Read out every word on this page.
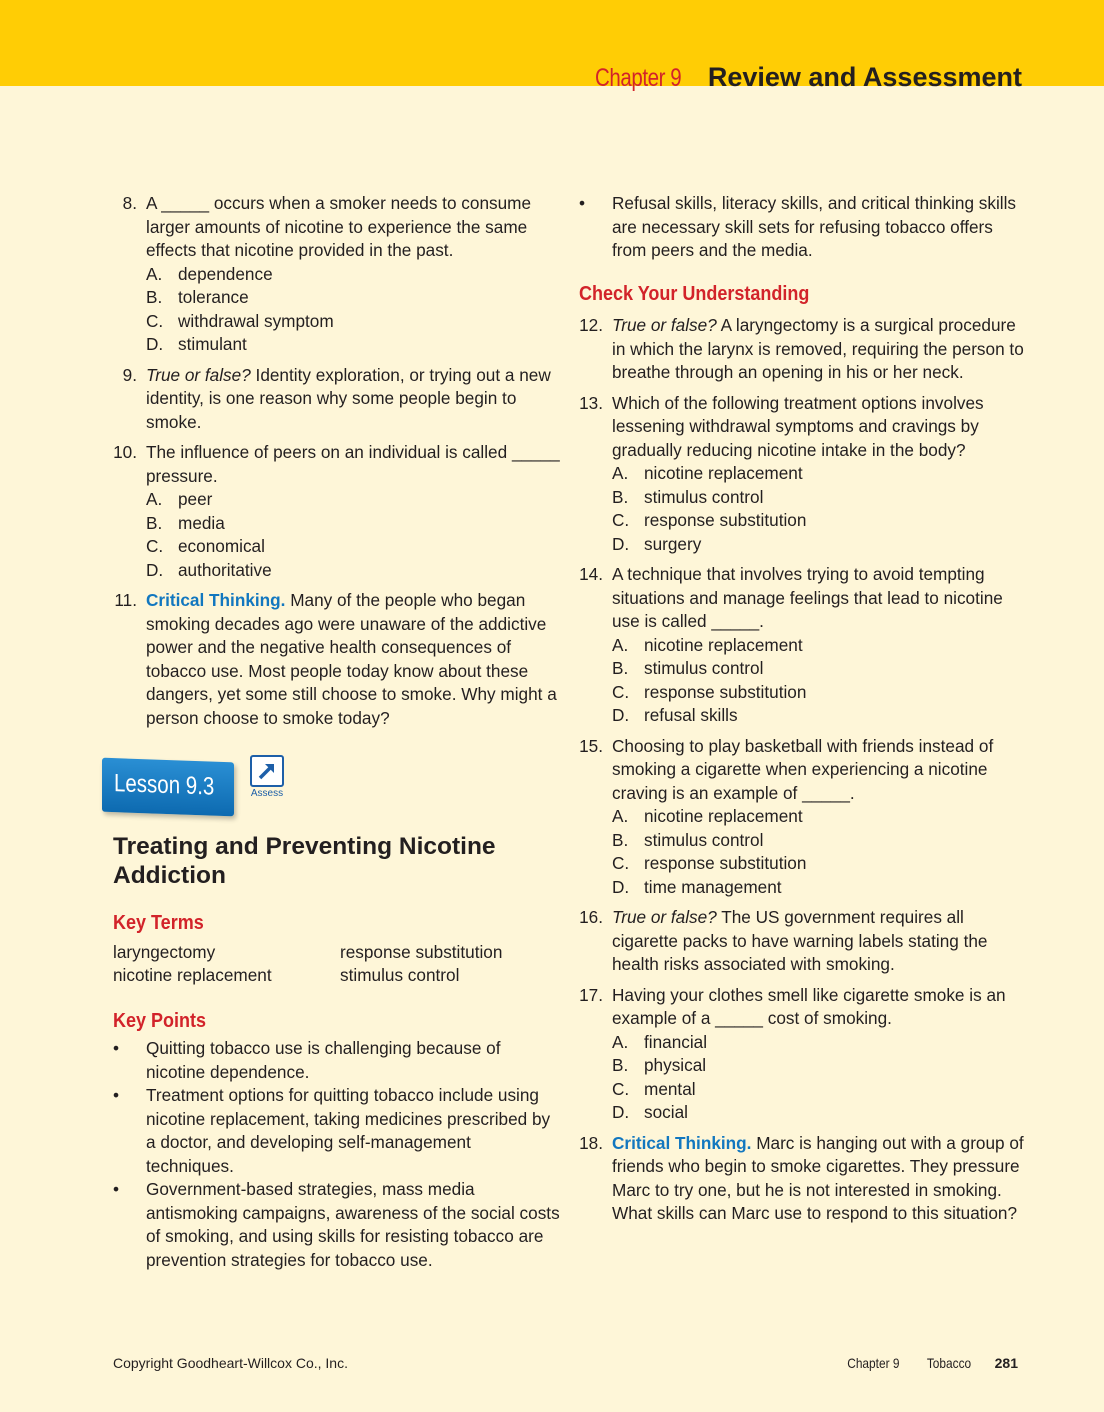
Chapter 9 Review and Assessment
8. A _____ occurs when a smoker needs to consume larger amounts of nicotine to experience the same effects that nicotine provided in the past.
A. dependence
B. tolerance
C. withdrawal symptom
D. stimulant
9. True or false? Identity exploration, or trying out a new identity, is one reason why some people begin to smoke.
10. The influence of peers on an individual is called _____ pressure.
A. peer
B. media
C. economical
D. authoritative
11. Critical Thinking. Many of the people who began smoking decades ago were unaware of the addictive power and the negative health consequences of tobacco use. Most people today know about these dangers, yet some still choose to smoke. Why might a person choose to smoke today?
Lesson 9.3	Assess
Treating and Preventing Nicotine Addiction
Key Terms
laryngectomy	response substitution
nicotine replacement	stimulus control
Key Points
• Quitting tobacco use is challenging because of nicotine dependence.
• Treatment options for quitting tobacco include using nicotine replacement, taking medicines prescribed by a doctor, and developing self-management techniques.
• Government-based strategies, mass media antismoking campaigns, awareness of the social costs of smoking, and using skills for resisting tobacco are prevention strategies for tobacco use.
• Refusal skills, literacy skills, and critical thinking skills are necessary skill sets for refusing tobacco offers from peers and the media.
Check Your Understanding
12. True or false? A laryngectomy is a surgical procedure in which the larynx is removed, requiring the person to breathe through an opening in his or her neck.
13. Which of the following treatment options involves lessening withdrawal symptoms and cravings by gradually reducing nicotine intake in the body?
A. nicotine replacement
B. stimulus control
C. response substitution
D. surgery
14. A technique that involves trying to avoid tempting situations and manage feelings that lead to nicotine use is called _____.
A. nicotine replacement
B. stimulus control
C. response substitution
D. refusal skills
15. Choosing to play basketball with friends instead of smoking a cigarette when experiencing a nicotine craving is an example of _____.
A. nicotine replacement
B. stimulus control
C. response substitution
D. time management
16. True or false? The US government requires all cigarette packs to have warning labels stating the health risks associated with smoking.
17. Having your clothes smell like cigarette smoke is an example of a _____ cost of smoking.
A. financial
B. physical
C. mental
D. social
18. Critical Thinking. Marc is hanging out with a group of friends who begin to smoke cigarettes. They pressure Marc to try one, but he is not interested in smoking. What skills can Marc use to respond to this situation?
Copyright Goodheart-Willcox Co., Inc.	Chapter 9 Tobacco 281
